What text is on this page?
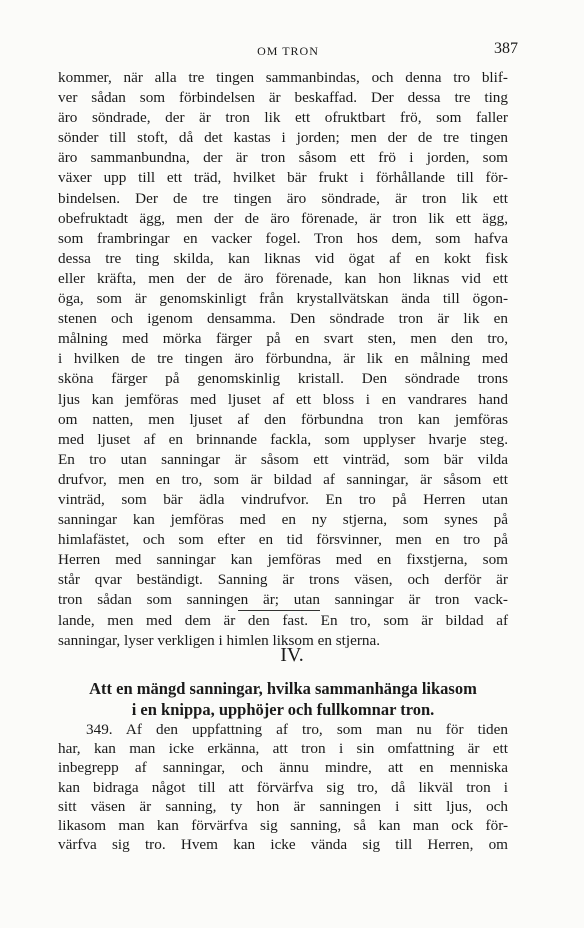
OM TRON	387
kommer, när alla tre tingen sammanbindas, och denna tro blif-
ver sådan som förbindelsen är beskaffad. Der dessa tre ting
äro söndrade, der är tron lik ett ofruktbart frö, som faller
sönder till stoft, då det kastas i jorden; men der de tre tingen
äro sammanbundna, der är tron såsom ett frö i jorden, som
växer upp till ett träd, hvilket bär frukt i förhållande till för-
bindelsen. Der de tre tingen äro söndrade, är tron lik ett
obefruktadt ägg, men der de äro förenade, är tron lik ett ägg,
som frambringar en vacker fogel. Tron hos dem, som hafva
dessa tre ting skilda, kan liknas vid ögat af en kokt fisk
eller kräfta, men der de äro förenade, kan hon liknas vid ett
öga, som är genomskinligt från krystallvätskan ända till ögon-
stenen och igenom densamma. Den söndrade tron är lik en
målning med mörka färger på en svart sten, men den tro,
i hvilken de tre tingen äro förbundna, är lik en målning med
sköna färger på genomskinlig kristall. Den söndrade trons
ljus kan jemföras med ljuset af ett bloss i en vandrares hand
om natten, men ljuset af den förbundna tron kan jemföras
med ljuset af en brinnande fackla, som upplyser hvarje steg.
En tro utan sanningar är såsom ett vinträd, som bär vilda
drufvor, men en tro, som är bildad af sanningar, är såsom ett
vinträd, som bär ädla vindrufvor. En tro på Herren utan
sanningar kan jemföras med en ny stjerna, som synes på
himlafästet, och som efter en tid försvinner, men en tro på
Herren med sanningar kan jemföras med en fixstjerna, som
står qvar beständigt. Sanning är trons väsen, och derför är
tron sådan som sanningen är; utan sanningar är tron vack-
lande, men med dem är den fast. En tro, som är bildad af
sanningar, lyser verkligen i himlen liksom en stjerna.
IV.
Att en mängd sanningar, hvilka sammanhänga likasom
i en knippa, upphöjer och fullkomnar tron.
349. Af den uppfattning af tro, som man nu för tiden
har, kan man icke erkänna, att tron i sin omfattning är ett
inbegrepp af sanningar, och ännu mindre, att en menniska
kan bidraga något till att förvärfva sig tro, då likväl tron i
sitt väsen är sanning, ty hon är sanningen i sitt ljus, och
likasom man kan förvärfva sig sanning, så kan man ock för-
värfva sig tro. Hvem kan icke vända sig till Herren, om
